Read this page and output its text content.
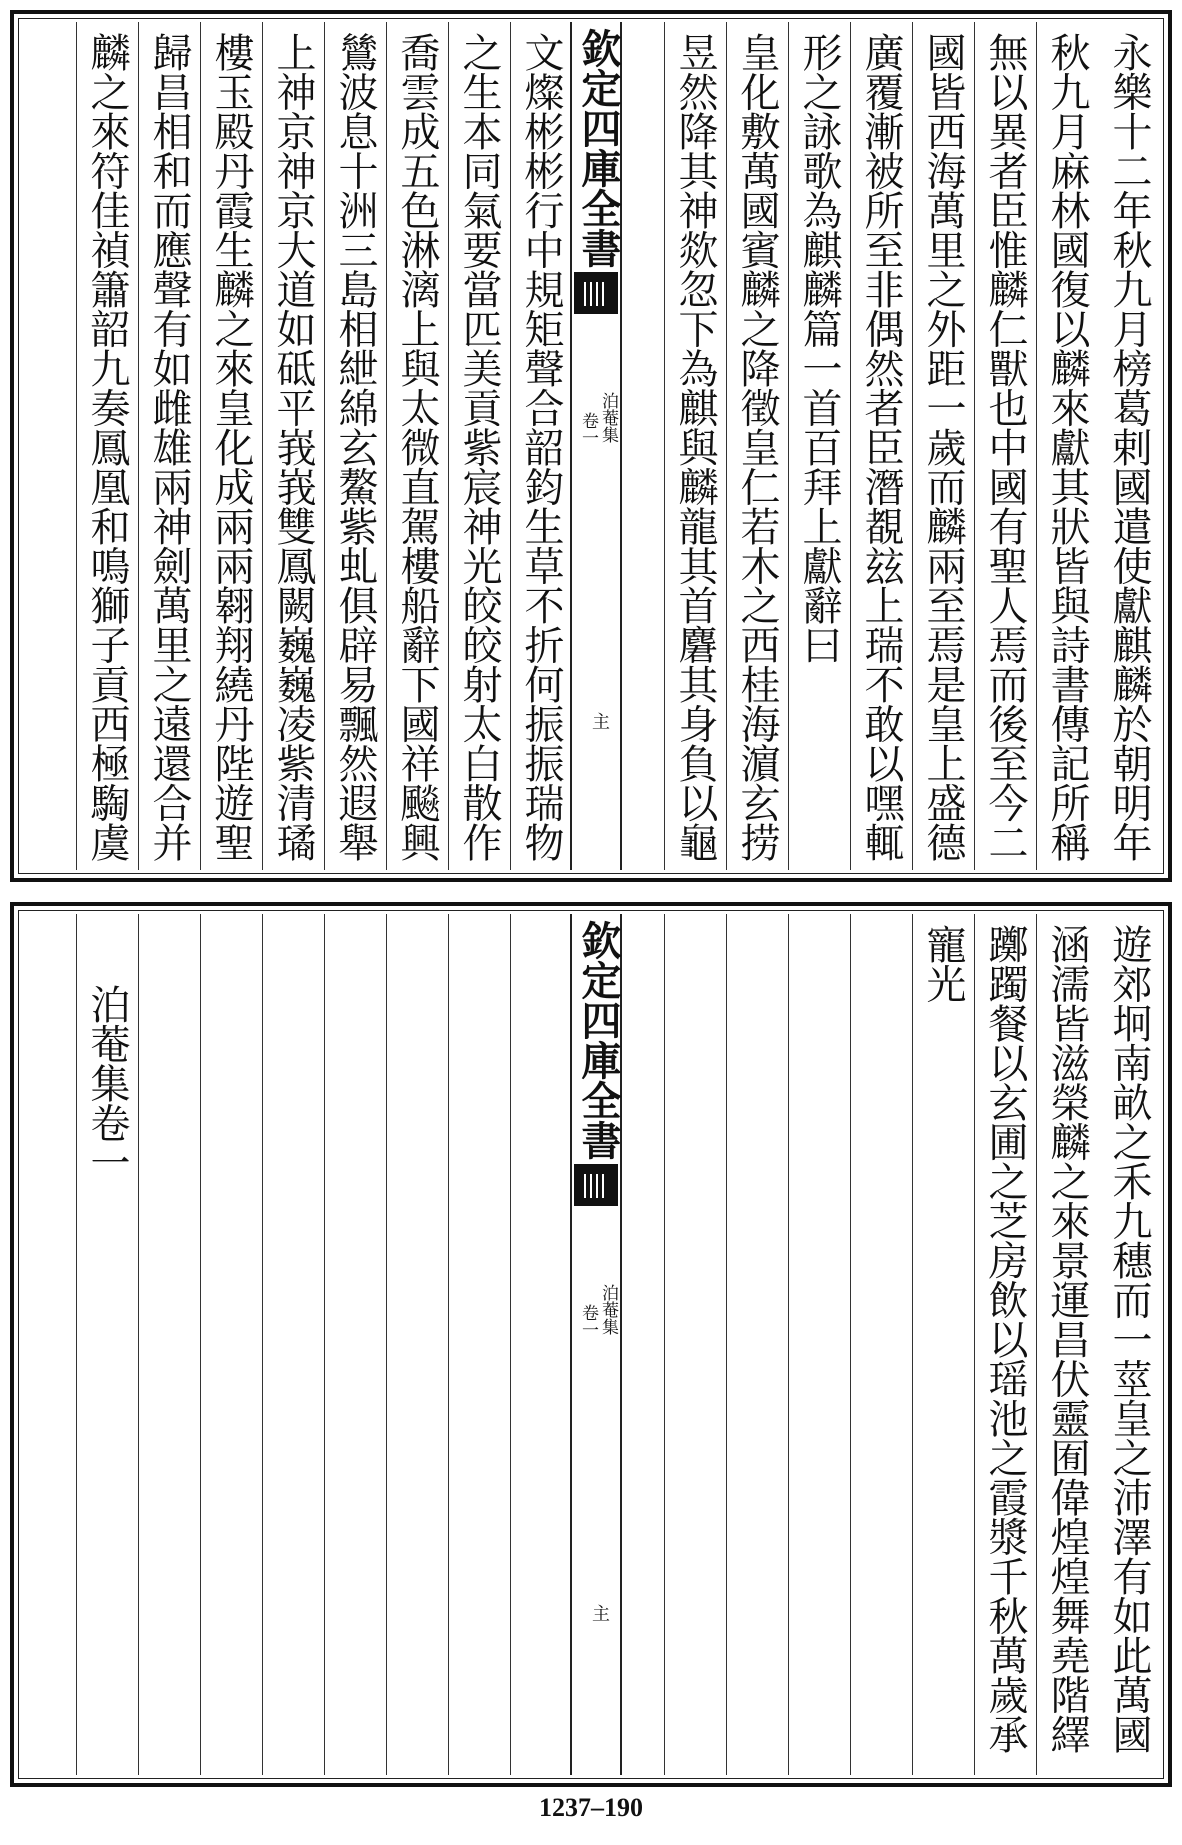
永樂十二年秋九月榜葛剌國遣使獻麒麟於朝明年
秋九月麻林國復以麟來獻其狀皆與詩書傳記所稱
無以異者臣惟麟仁獸也中國有聖人焉而後至今二
國皆西海萬里之外距一歲而麟兩至焉是皇上盛德
廣覆漸被所至非偶然者臣潛覩玆上瑞不敢以嘿輒
形之詠歌為麒麟篇一首百拜上獻辭曰
皇化敷萬國賓麟之降徵皇仁若木之西桂海濵玄捞
昱然降其神欻忽下為麒與麟龍其首麏其身負以龜
欽定四庫全書
泊菴集
卷一
主
文燦彬彬行中規矩聲合韶鈞生草不折何振振瑞物
之生本同氣要當匹美貢紫宸神光皎皎射太白散作
喬雲成五色淋漓上與太微直駕樓船辭下國祥飈興
鷥波息十洲三島相紲綿玄鰲紫虬俱辟易飄然遐舉
上神京神京大道如砥平峩峩雙鳳闕巍巍凌紫清璚
樓玉殿丹霞生麟之來皇化成兩兩翱翔繞丹陛遊聖
歸昌相和而應聲有如雌雄兩神劍萬里之遠還合并
麟之來符佳禎簫韶九奏鳳凰和鳴獅子貢西極騊虞
遊郊坰南畝之禾九穗而一莖皇之沛澤有如此萬國
涵濡皆滋榮麟之來景運昌伏靈囿偉煌煌舞堯階繹
躑躅餐以玄圃之芝房飲以瑶池之霞漿千秋萬歲承
寵光
欽定四庫全書
泊菴集
卷一
主
泊菴集卷一
1237–190
